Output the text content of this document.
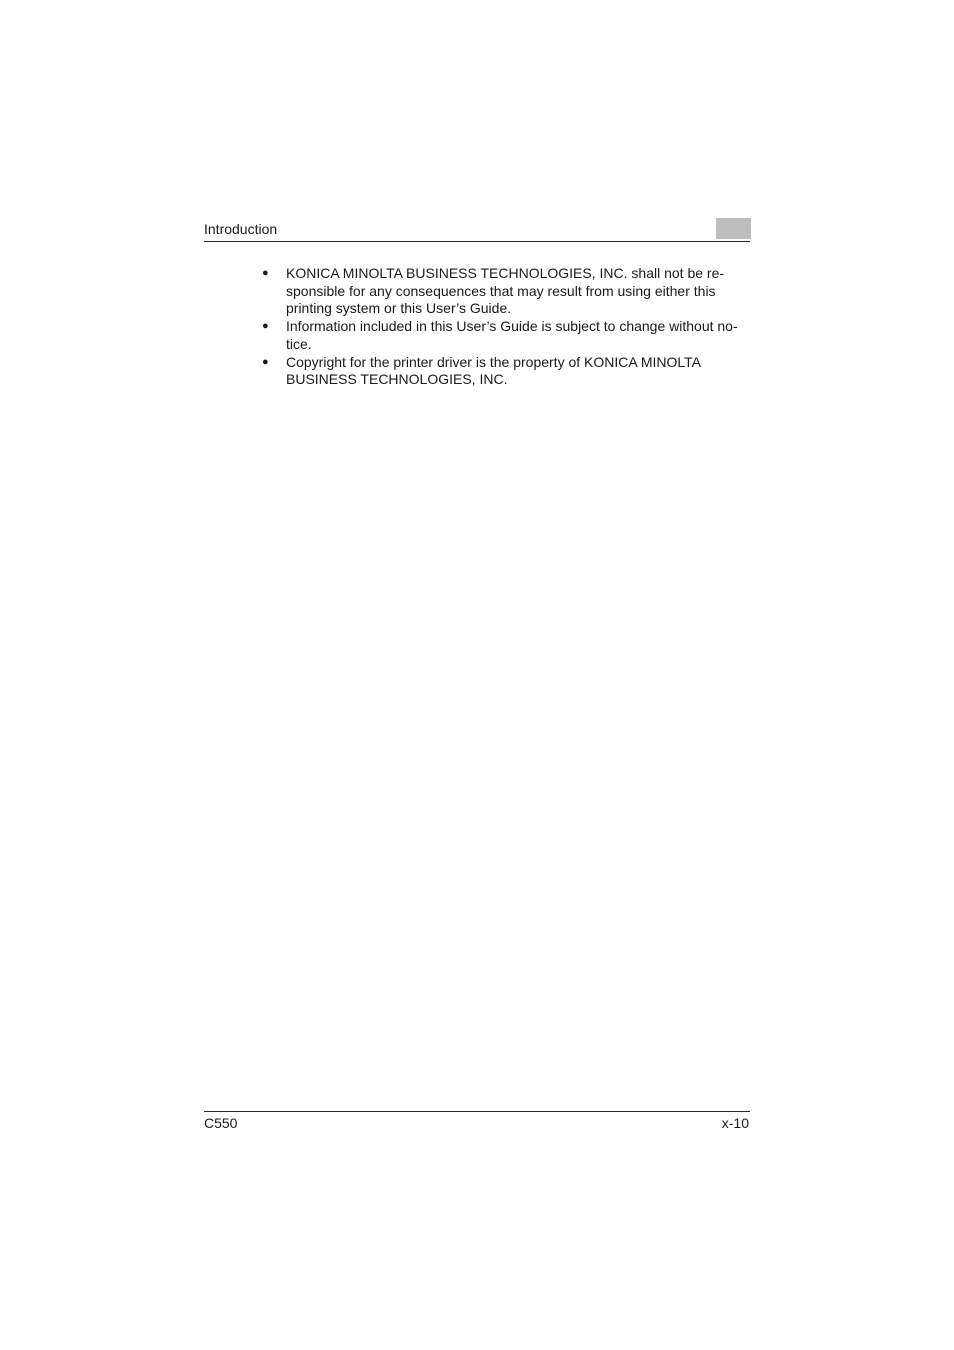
Introduction
● KONICA MINOLTA BUSINESS TECHNOLOGIES, INC. shall not be re-
sponsible for any consequences that may result from using either this
printing system or this User’s Guide.
● Information included in this User’s Guide is subject to change without no-
tice.
● Copyright for the printer driver is the property of KONICA MINOLTA
BUSINESS TECHNOLOGIES, INC.
C550	x-10
